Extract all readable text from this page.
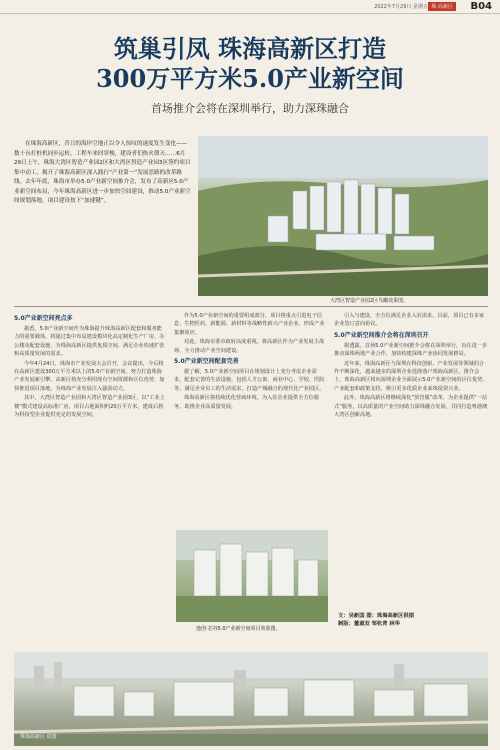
2022年7月29日 星期五 珠·高新区	B04
筑巢引凤 珠海高新区打造
300万平方米5.0产业新空间
首场推介会将在深圳举行，助力深珠融合
在珠海高新区，昔日的海岸空地正以令人惊叹的速度发生变化——数十台打桩机同步运转，工程车来回穿梭，建设者们热火朝天……6月29日上午，珠海大湾区智造产业园2区和大湾区智造产业园3区签约项目集中动工，揭开了珠海高新区深入践行“产业第一”发展思路的改革路线。去年年底，珠海市举办5.0产业新空间推介会，发布了高新区5.0产业新空间布局，今年珠海高新区进一步加快空间建设，推动5.0产业新空间规划落地，项目建设按下“加速键”。
大湾区智造产业园2区鸟瞰效果图。

5.0产业新空间亮点多

据悉，5.0产业新空间作为珠海提升珠海高新区配套和服务能力的重要载体，将通过集中布局建设模块化高定制化生产厂房、办公楼及配套设施，为珠海高新区提供优质空间，满足企业快速扩张和高质量发展的需求。

今年4月24日，珠海市产业发展大会召开，会议提出，今后将在高新区建设300万平方米以上的5.0产业新空间，努力打造珠海产业发展新引擎。高新区将充分利用现有空间资源和区位优势，加快推进项目落地，为珠海产业发展注入强劲动力。

其中，大湾区智造产业园和大湾区智造产业园3区，以“工业上楼”模式建设高标准厂房，项目占地面积约20万平方米，建成后将为科技型企业提供充足的发展空间。

作为5.0产业新空间的重要组成部分，项目将重点引进电子信息、生物医药、新能源、新材料等战略性新兴产业企业，形成产业集聚效应。

对此，珠海市委市政府高度重视，将高新区作为产业发展主战场，全力推动产业空间建设。

5.0产业新空间配套完善

据了解，5.0产业新空间项目在规划设计上充分考虑企业需求，配套完善的生活设施，包括人才公寓、商业中心、学校、医院等，满足企业员工的生活需求，打造产城融合的现代化产业园区。

珠海高新区将持续优化营商环境，为入驻企业提供全方位服务，助推企业高质量发展。

他创·芯谷5.0产业新空间项目效果图。

引入与建设，全方位满足企业入驻需求。目前，项目已有多家企业签订意向协议。

5.0产业新空间推介会将在深圳召开

据透露，首场5.0产业新空间推介会将在深圳举行，旨在进一步推动深珠两地产业合作，加快构建深珠产业协同发展格局。

近年来，珠海高新区与深圳在科技创新、产业发展等领域的合作不断深化，越来越多的深圳企业选择落户珠海高新区。推介会上，珠海高新区将向深圳企业全面展示5.0产业新空间的区位优势、产业配套和政策支持，吸引更多优质企业来珠投资兴业。

此外，珠海高新区将继续深化“放管服”改革，为企业提供“一站式”服务，以高质量的产业空间助力深珠融合发展，共同打造粤港澳大湾区创新高地。

文：吴新国 图：珠海高新区供图
制版：董淑双 邹杭青 林华
珠海高新区 供图
